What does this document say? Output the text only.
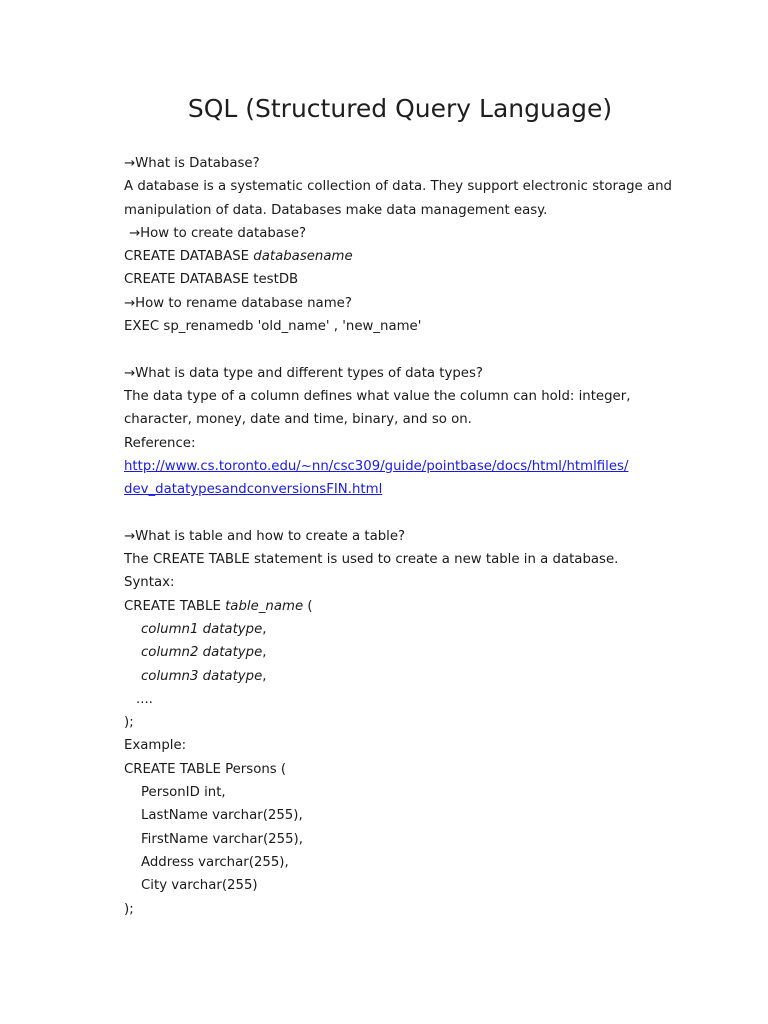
SQL (Structured Query Language)
→What is Database?
A database is a systematic collection of data. They support electronic storage and
manipulation of data. Databases make data management easy.
→How to create database?
CREATE DATABASE databasename
CREATE DATABASE testDB
→How to rename database name?
EXEC sp_renamedb 'old_name' , 'new_name'
→What is data type and different types of data types?
The data type of a column defines what value the column can hold: integer,
character, money, date and time, binary, and so on.
Reference:
http://www.cs.toronto.edu/~nn/csc309/guide/pointbase/docs/html/htmlfiles/
dev_datatypesandconversionsFIN.html
→What is table and how to create a table?
The CREATE TABLE statement is used to create a new table in a database.
Syntax:
CREATE TABLE table_name (
column1 datatype,
column2 datatype,
column3 datatype,
....
);
Example:
CREATE TABLE Persons (
PersonID int,
LastName varchar(255),
FirstName varchar(255),
Address varchar(255),
City varchar(255)
);
